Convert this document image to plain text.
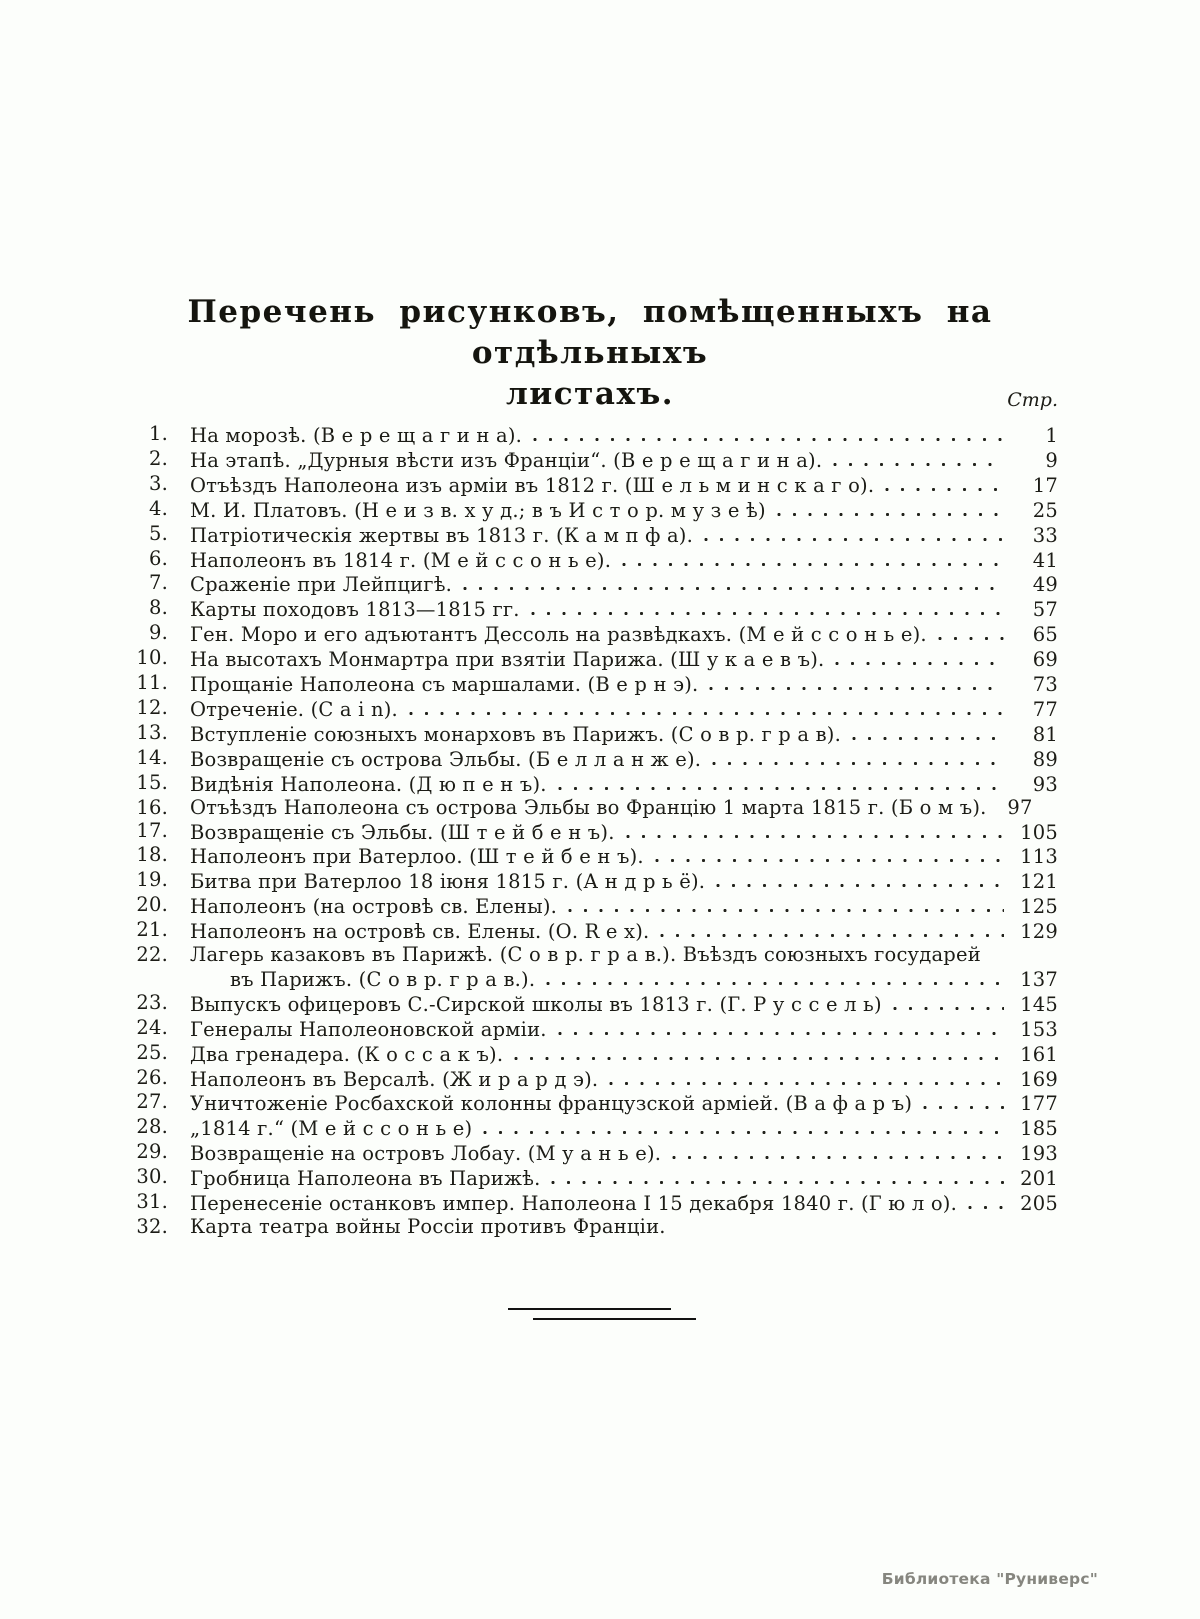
Перечень рисунковъ, помѣщенныхъ на отдѣльныхъ
листахъ.	Стр.
1. На морозѣ. (В е р е щ а г и н а).	1
2. На этапѣ. „Дурныя вѣсти изъ Франціи“. (В е р е щ а г и н а).	9
3. Отъѣздъ Наполеона изъ арміи въ 1812 г. (Ш е л ь м и н с к а г о).	17
4. М. И. Платовъ. (Н е и з в. х у д.; в ъ И с т о р. м у з е ѣ)	25
5. Патріотическія жертвы въ 1813 г. (К а м п ф а).	33
6. Наполеонъ въ 1814 г. (М е й с с о н ь е).	41
7. Сраженіе при Лейпцигѣ.	49
8. Карты походовъ 1813—1815 гг.	57
9. Ген. Моро и его адъютантъ Дессоль на развѣдкахъ. (М е й с с о н ь е).	65
10. На высотахъ Монмартра при взятіи Парижа. (Ш у к а е в ъ).	69
11. Прощаніе Наполеона съ маршалами. (В е р н э).	73
12. Отреченіе. (C a i n).	77
13. Вступленіе союзныхъ монарховъ въ Парижъ. (С о в р. г р а в).	81
14. Возвращеніе съ острова Эльбы. (Б е л л а н ж е).	89
15. Видѣнія Наполеона. (Д ю п е н ъ).	93
16. Отъѣздъ Наполеона съ острова Эльбы во Францію 1 марта 1815 г. (Б о м ъ).	97
17. Возвращеніе съ Эльбы. (Ш т е й б е н ъ).	105
18. Наполеонъ при Ватерлоо. (Ш т е й б е н ъ).	113
19. Битва при Ватерлоо 18 іюня 1815 г. (А н д р ь ё).	121
20. Наполеонъ (на островѣ св. Елены).	125
21. Наполеонъ на островѣ св. Елены. (О. R e x).	129
22. Лагерь казаковъ въ Парижѣ. (С о в р. г р а в.). Въѣздъ союзныхъ государей
въ Парижъ. (С о в р. г р а в.).	137
23. Выпускъ офицеровъ С.-Сирской школы въ 1813 г. (Г. Р у с с е л ь)	145
24. Генералы Наполеоновской арміи.	153
25. Два гренадера. (К о с с а к ъ).	161
26. Наполеонъ въ Версалѣ. (Ж и р а р д э).	169
27. Уничтоженіе Росбахской колонны французской арміей. (В а ф а р ъ)	177
28. „1814 г.“ (М е й с с о н ь е)	185
29. Возвращеніе на островъ Лобау. (М у а н ь е).	193
30. Гробница Наполеона въ Парижѣ.	201
31. Перенесеніе останковъ импер. Наполеона I 15 декабря 1840 г. (Г ю л о).	205
32. Карта театра войны Россіи противъ Франціи.
Библиотека "Руниверс"
